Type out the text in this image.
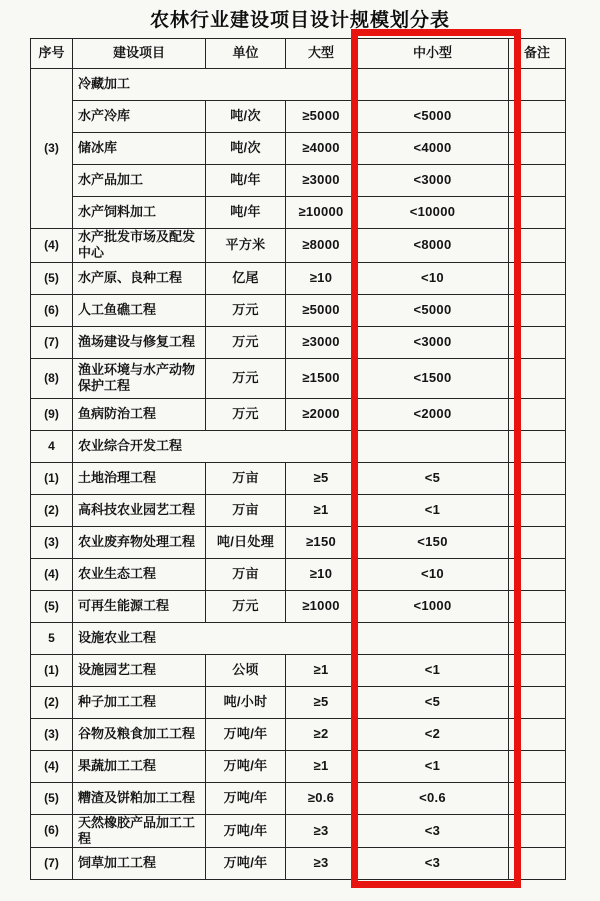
农林行业建设项目设计规模划分表
序号	建设项目	单位	大型	中小型	备注
(3)	冷藏加工				
	水产冷库	吨/次	≥5000	<5000	
	储冰库	吨/次	≥4000	<4000	
	水产品加工	吨/年	≥3000	<3000	
	水产饲料加工	吨/年	≥10000	<10000	
(4)	水产批发市场及配发中心	平方米	≥8000	<8000	
(5)	水产原、良种工程	亿尾	≥10	<10	
(6)	人工鱼礁工程	万元	≥5000	<5000	
(7)	渔场建设与修复工程	万元	≥3000	<3000	
(8)	渔业环境与水产动物保护工程	万元	≥1500	<1500	
(9)	鱼病防治工程	万元	≥2000	<2000	
4	农业综合开发工程				
(1)	土地治理工程	万亩	≥5	<5	
(2)	高科技农业园艺工程	万亩	≥1	<1	
(3)	农业废弃物处理工程	吨/日处理	≥150	<150	
(4)	农业生态工程	万亩	≥10	<10	
(5)	可再生能源工程	万元	≥1000	<1000	
5	设施农业工程				
(1)	设施园艺工程	公顷	≥1	<1	
(2)	种子加工工程	吨/小时	≥5	<5	
(3)	谷物及粮食加工工程	万吨/年	≥2	<2	
(4)	果蔬加工工程	万吨/年	≥1	<1	
(5)	糟渣及饼粕加工工程	万吨/年	≥0.6	<0.6	
(6)	天然橡胶产品加工工程	万吨/年	≥3	<3	
(7)	饲草加工工程	万吨/年	≥3	<3	
